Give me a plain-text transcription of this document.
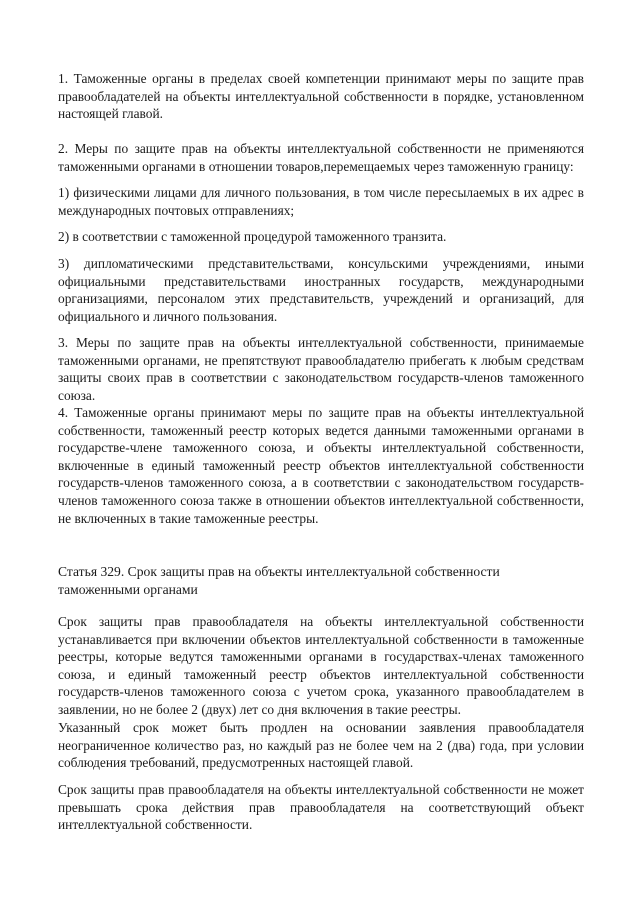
1. Таможенные органы в пределах своей компетенции принимают меры по защите прав правообладателей на объекты интеллектуальной собственности в порядке, установленном настоящей главой.

2. Меры по защите прав на объекты интеллектуальной собственности не применяются таможенными органами в отношении товаров,перемещаемых через таможенную границу:

1) физическими лицами для личного пользования, в том числе пересылаемых в их адрес в международных почтовых отправлениях;

2) в соответствии с таможенной процедурой таможенного транзита.

3) дипломатическими представительствами, консульскими учреждениями, иными официальными представительствами иностранных государств, международными организациями, персоналом этих представительств, учреждений и организаций, для официального и личного пользования.

3. Меры по защите прав на объекты интеллектуальной собственности, принимаемые таможенными органами, не препятствуют правообладателю прибегать к любым средствам защиты своих прав в соответствии с законодательством государств-членов таможенного союза.

4. Таможенные органы принимают меры по защите прав на объекты интеллектуальной собственности, таможенный реестр которых ведется данными таможенными органами в государстве-члене таможенного союза, и объекты интеллектуальной собственности, включенные в единый таможенный реестр объектов интеллектуальной собственности государств-членов таможенного союза, а в соответствии с законодательством государств-членов таможенного союза также в отношении объектов интеллектуальной собственности, не включенных в такие таможенные реестры.

Статья 329. Срок защиты прав на объекты интеллектуальной собственности таможенными органами

Срок защиты прав правообладателя на объекты интеллектуальной собственности устанавливается при включении объектов интеллектуальной собственности в таможенные реестры, которые ведутся таможенными органами в государствах-членах таможенного союза, и единый таможенный реестр объектов интеллектуальной собственности государств-членов таможенного союза с учетом срока, указанного правообладателем в заявлении, но не более 2 (двух) лет со дня включения в такие реестры.

Указанный срок может быть продлен на основании заявления правообладателя неограниченное количество раз, но каждый раз не более чем на 2 (два) года, при условии соблюдения требований, предусмотренных настоящей главой.

Срок защиты прав правообладателя на объекты интеллектуальной собственности не может превышать срока действия прав правообладателя на соответствующий объект интеллектуальной собственности.
